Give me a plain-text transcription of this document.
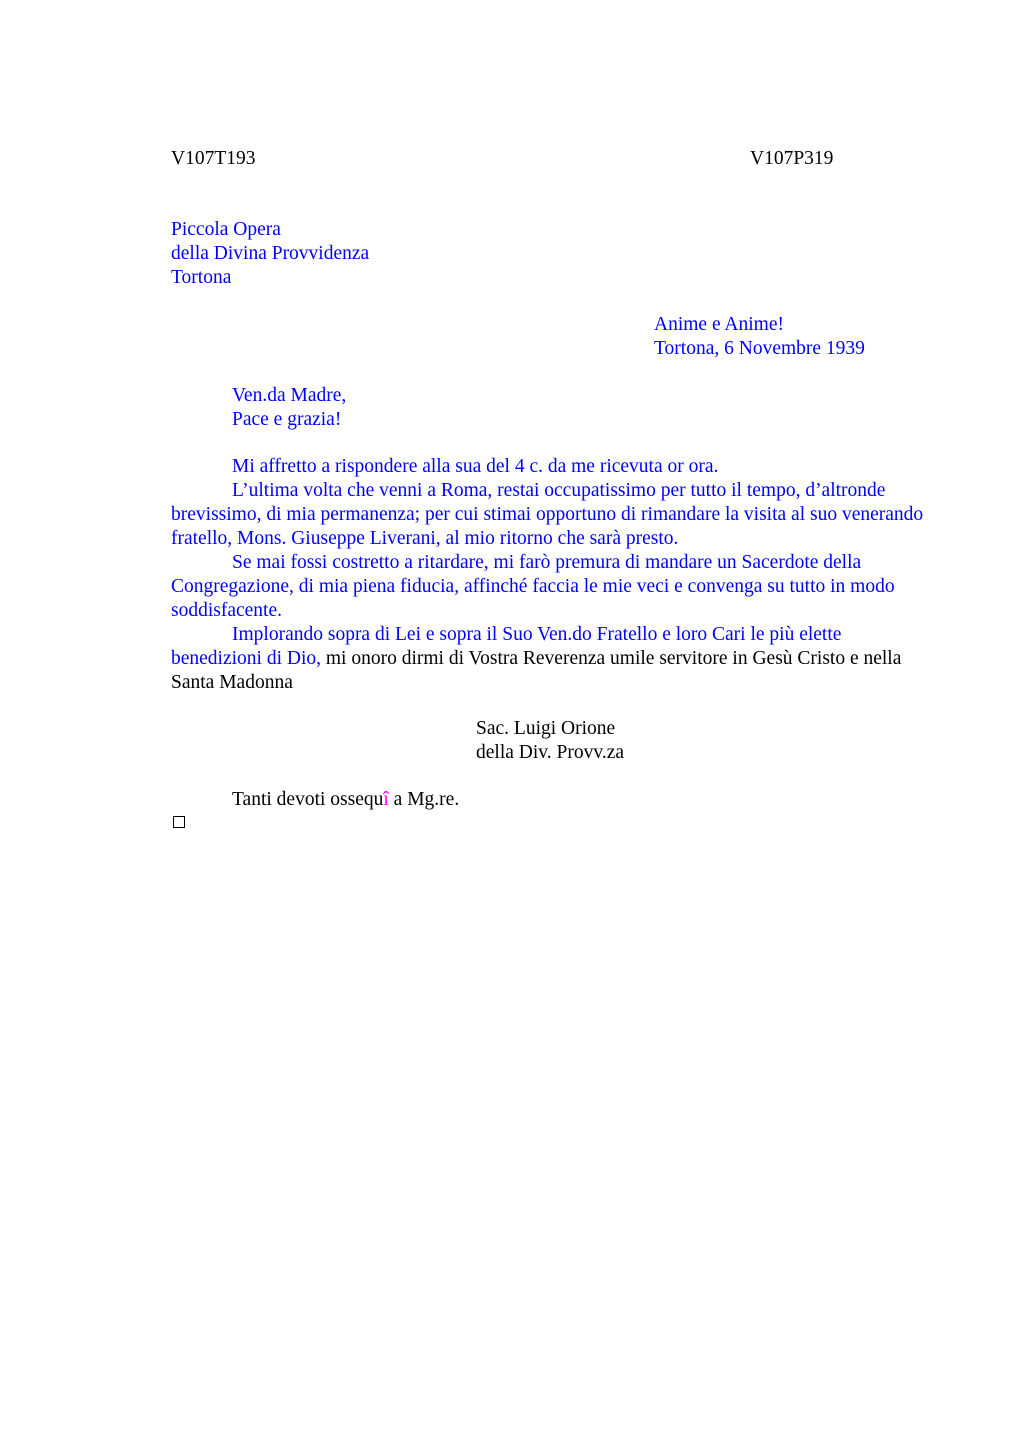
V107T193	V107P319
Piccola Opera
della Divina Provvidenza
Tortona
Anime e Anime!
Tortona, 6 Novembre 1939
Ven.da Madre,
Pace e grazia!

Mi affretto a rispondere alla sua del 4 c. da me ricevuta or ora.

L’ultima volta che venni a Roma, restai occupatissimo per tutto il tempo, d’altronde brevissimo, di mia permanenza; per cui stimai opportuno di rimandare la visita al suo venerando fratello, Mons. Giuseppe Liverani, al mio ritorno che sarà presto.

Se mai fossi costretto a ritardare, mi farò premura di mandare un Sacerdote della Congregazione, di mia piena fiducia, affinché faccia le mie veci e convenga su tutto in modo soddisfacente.

Implorando sopra di Lei e sopra il Suo Ven.do Fratello e loro Cari le più elette benedizioni di Dio, mi onoro dirmi di Vostra Reverenza umile servitore in Gesù Cristo e nella Santa Madonna

Sac. Luigi Orione
della Div. Provv.za
Tanti devoti ossequî a Mg.re.
